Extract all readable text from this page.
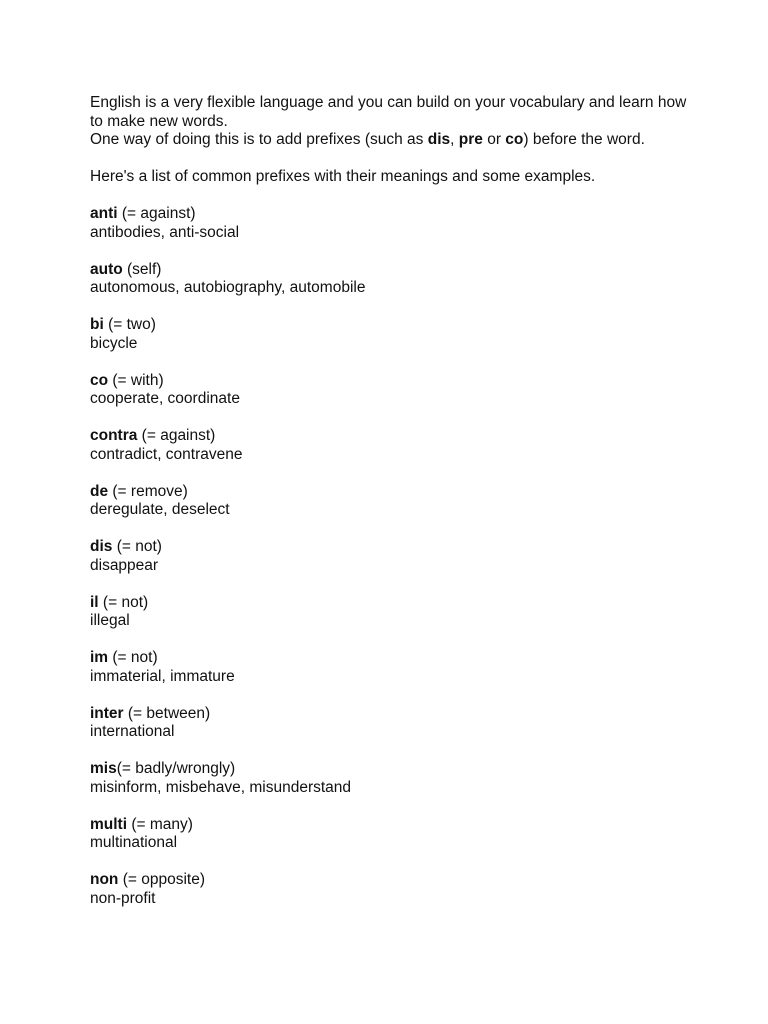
English is a very flexible language and you can build on your vocabulary and learn how to make new words.
One way of doing this is to add prefixes (such as dis, pre or co) before the word.

Here's a list of common prefixes with their meanings and some examples.

anti (= against)
antibodies, anti-social
auto (self)
autonomous, autobiography, automobile
bi (= two)
bicycle
co (= with)
cooperate, coordinate
contra (= against)
contradict, contravene
de (= remove)
deregulate, deselect
dis (= not)
disappear
il (= not)
illegal
im (= not)
immaterial, immature
inter (= between)
international
mis(= badly/wrongly)
misinform, misbehave, misunderstand
multi (= many)
multinational
non (= opposite)
non-profit
